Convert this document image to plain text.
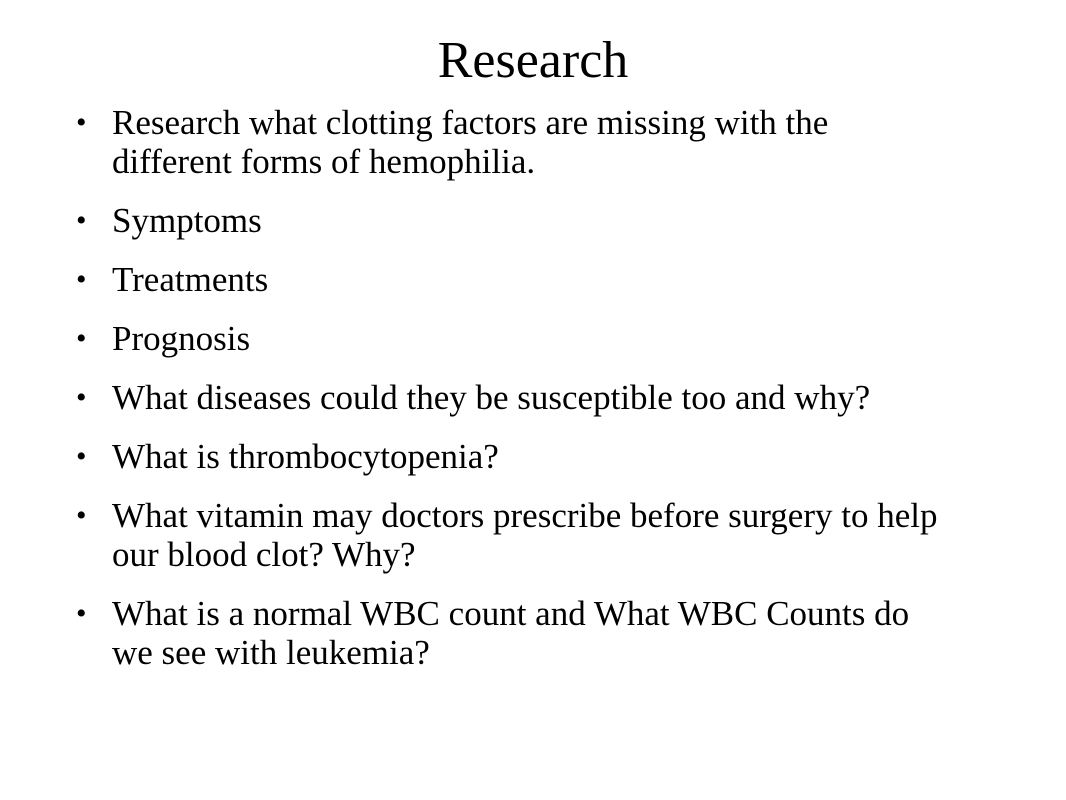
Research
• Research what clotting factors are missing with the different forms of hemophilia.
• Symptoms
• Treatments
• Prognosis
• What diseases could they be susceptible too and why?
• What is thrombocytopenia?
• What vitamin may doctors prescribe before surgery to help our blood clot? Why?
• What is a normal WBC count and What WBC Counts do we see with leukemia?
